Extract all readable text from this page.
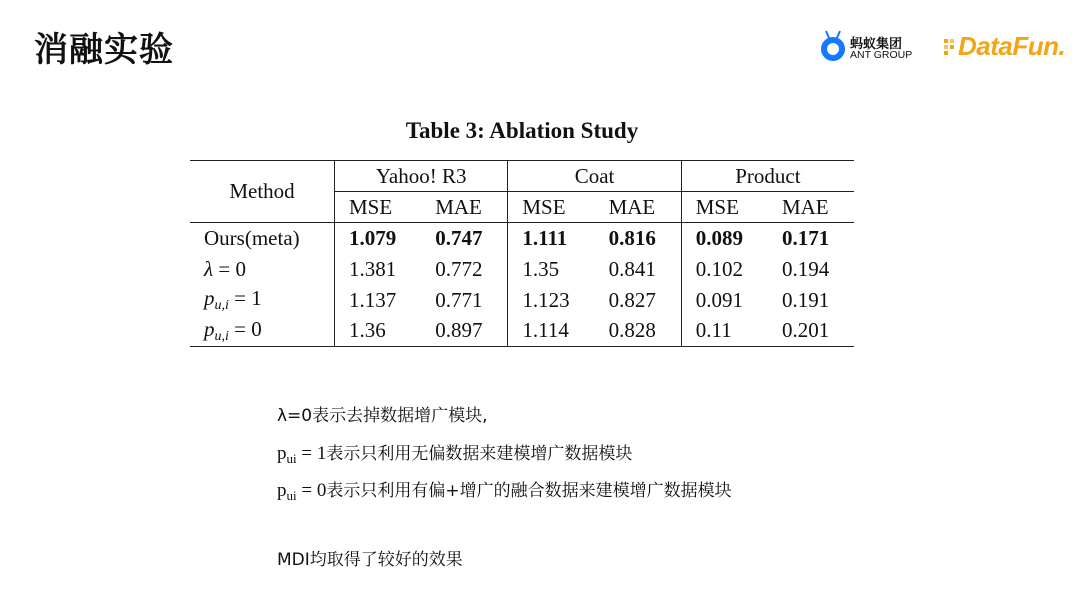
消融实验	蚂蚁集团
ANT GROUP DataFun.
Table 3: Ablation Study
Method	Yahoo! R3		Coat		Product	
	MSE	MAE	MSE	MAE	MSE	MAE
Ours(meta)	1.079	0.747	1.111	0.816	0.089	0.171
λ = 0	1.381	0.772	1.35	0.841	0.102	0.194
$p_{u,i} = 1$	1.137	0.771	1.123	0.827	0.091	0.191
$p_{u,i} = 0$	1.36	0.897	1.114	0.828	0.11	0.201
λ=0表示去掉数据增广模块,
$p_{ui} = 1$表示只利用无偏数据来建模增广数据模块
$p_{ui} = 0$表示只利用有偏+增广的融合数据来建模增广数据模块
MDI均取得了较好的效果
